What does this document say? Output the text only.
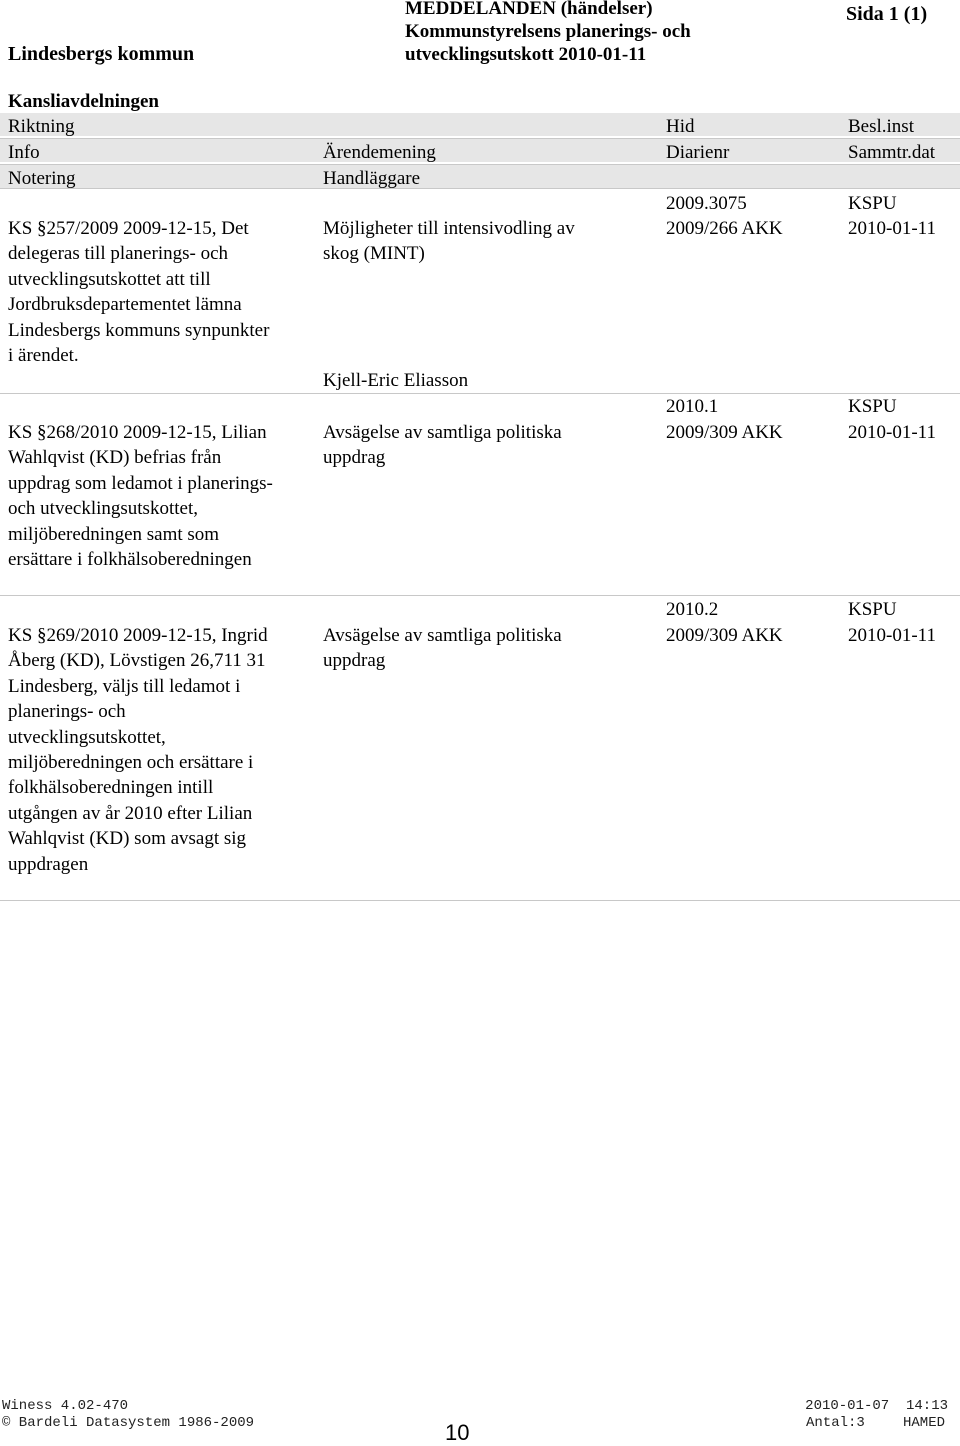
Lindesbergs kommun
MEDDELANDEN (händelser)
Kommunstyrelsens planerings- och
utvecklingsutskott 2010-01-11
Sida 1 (1)
Kansliavdelningen
Riktning
Info
Notering
Ärendemening
Handläggare
Hid
Diarienr
Besl.inst
Sammtr.dat
KS §257/2009 2009-12-15, Det
delegeras till planerings- och
utvecklingsutskottet att till
Jordbruksdepartementet lämna
Lindesbergs kommuns synpunkter
i ärendet.
Möjligheter till intensivodling av
skog (MINT)
Kjell-Eric Eliasson
2009.3075
2009/266 AKK
KSPU
2010-01-11
KS §268/2010 2009-12-15, Lilian
Wahlqvist (KD) befrias från
uppdrag som ledamot i planerings-
och utvecklingsutskottet,
miljöberedningen samt som
ersättare i folkhälsoberedningen
Avsägelse av samtliga politiska
uppdrag
2010.1
2009/309 AKK
KSPU
2010-01-11
KS §269/2010 2009-12-15, Ingrid
Åberg (KD), Lövstigen 26,711 31
Lindesberg, väljs till ledamot i
planerings- och
utvecklingsutskottet,
miljöberedningen och ersättare i
folkhälsoberedningen intill
utgången av år 2010 efter Lilian
Wahlqvist (KD) som avsagt sig
uppdragen
Avsägelse av samtliga politiska
uppdrag
2010.2
2009/309 AKK
KSPU
2010-01-11
Winess 4.02-470
© Bardeli Datasystem 1986-2009	10
2010-01-07  14:13
Antal:3	HAMED
